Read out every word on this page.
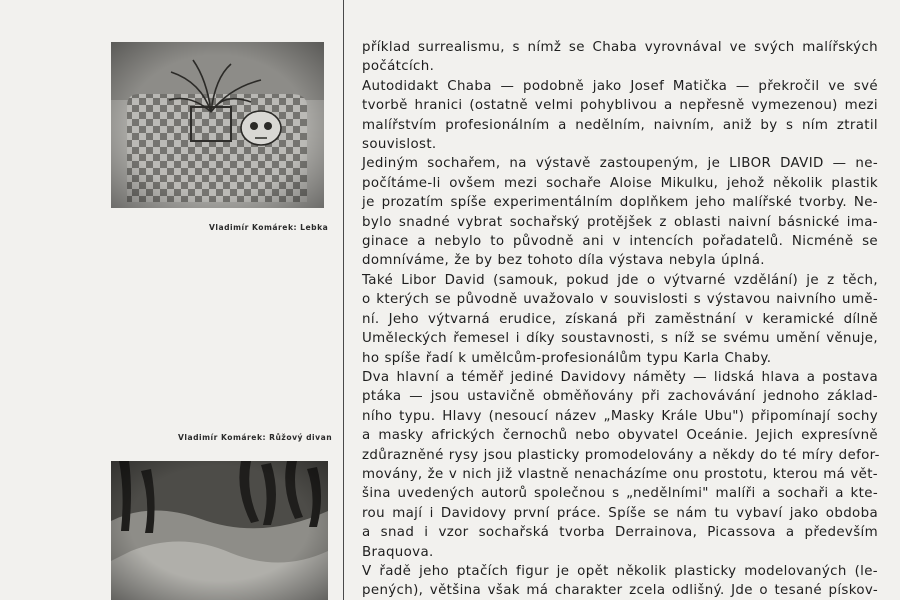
Vladimír Komárek: Lebka
Vladimír Komárek: Růžový divan

příklad surrealismu, s nímž se Chaba vyrovnával ve svých malířských
počátcích.

Autodidakt Chaba — podobně jako Josef Matička — překročil ve své
tvorbě hranici (ostatně velmi pohyblivou a nepřesně vymezenou) mezi
malířstvím profesionálním a nedělním, naivním, aniž by s ním ztratil
souvislost.

Jediným sochařem, na výstavě zastoupeným, je LIBOR DAVID — ne-
počítáme-li ovšem mezi sochaře Aloise Mikulku, jehož několik plastik
je prozatím spíše experimentálním doplňkem jeho malířské tvorby. Ne-
bylo snadné vybrat sochařský protějšek z oblasti naivní básnické ima-
ginace a nebylo to původně ani v intencích pořadatelů. Nicméně se
domníváme, že by bez tohoto díla výstava nebyla úplná.

Také Libor David (samouk, pokud jde o výtvarné vzdělání) je z těch,
o kterých se původně uvažovalo v souvislosti s výstavou naivního umě-
ní. Jeho výtvarná erudice, získaná při zaměstnání v keramické dílně
Uměleckých řemesel i díky soustavnosti, s níž se svému umění věnuje,
ho spíše řadí k umělcům-profesionálům typu Karla Chaby.

Dva hlavní a téměř jediné Davidovy náměty — lidská hlava a postava
ptáka — jsou ustavičně obměňovány při zachovávání jednoho základ-
ního typu. Hlavy (nesoucí název „Masky Krále Ubu") připomínají sochy
a masky afrických černochů nebo obyvatel Oceánie. Jejich expresívně
zdůrazněné rysy jsou plasticky promodelovány a někdy do té míry defor-
movány, že v nich již vlastně nenacházíme onu prostotu, kterou má vět-
šina uvedených autorů společnou s „nedělními" malíři a sochaři a kte-
rou mají i Davidovy první práce. Spíše se nám tu vybaví jako obdoba
a snad i vzor sochařská tvorba Derrainova, Picassova a především
Braquova.

V řadě jeho ptačích figur je opět několik plasticky modelovaných (le-
pených), většina však má charakter zcela odlišný. Jde o tesané pískov-
